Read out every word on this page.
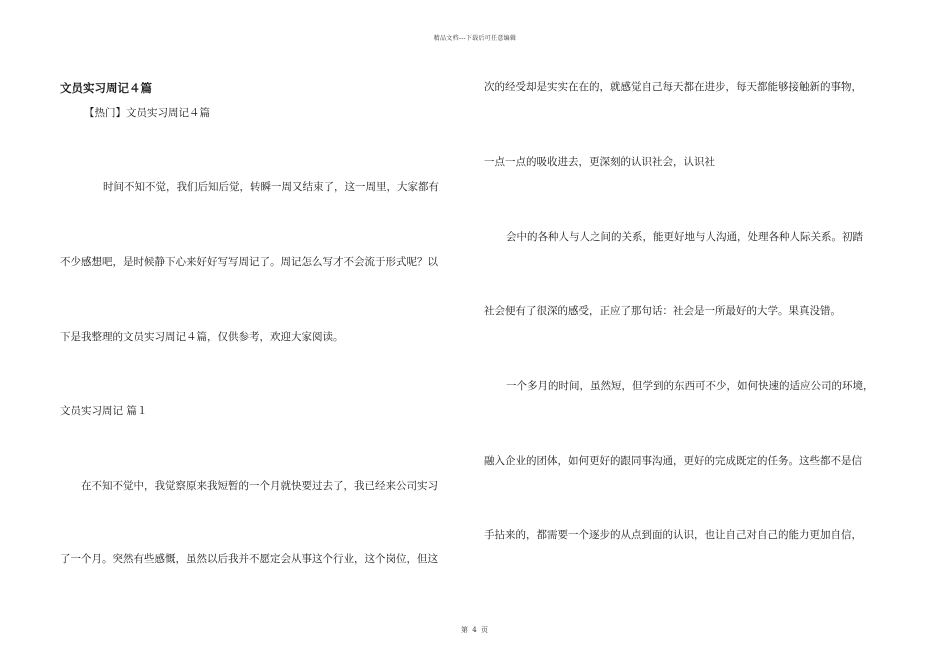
精品文档---下载后可任意编辑
文员实习周记４篇
【热门】文员实习周记４篇
时间不知不觉，我们后知后觉，转瞬一周又结束了，这一周里，大家都有
不少感想吧，是时候静下心来好好写写周记了。周记怎么写才不会流于形式呢？以
下是我整理的文员实习周记４篇，仅供参考，欢迎大家阅读。
文员实习周记 篇１
在不知不觉中，我觉察原来我短暂的一个月就快要过去了，我已经来公司实习
了一个月。突然有些感慨，虽然以后我并不愿定会从事这个行业，这个岗位，但这
次的经受却是实实在在的，就感觉自己每天都在进步，每天都能够接触新的事物，
一点一点的吸收进去，更深刻的认识社会，认识社
会中的各种人与人之间的关系，能更好地与人沟通，处理各种人际关系。初踏
社会便有了很深的感受，正应了那句话：社会是一所最好的大学。果真没错。
一个多月的时间，虽然短，但学到的东西可不少，如何快速的适应公司的环境，
融入企业的团体，如何更好的跟同事沟通，更好的完成既定的任务。这些都不是信
手拈来的，都需要一个逐步的从点到面的认识，也让自己对自己的能力更加自信，
第 4 页
